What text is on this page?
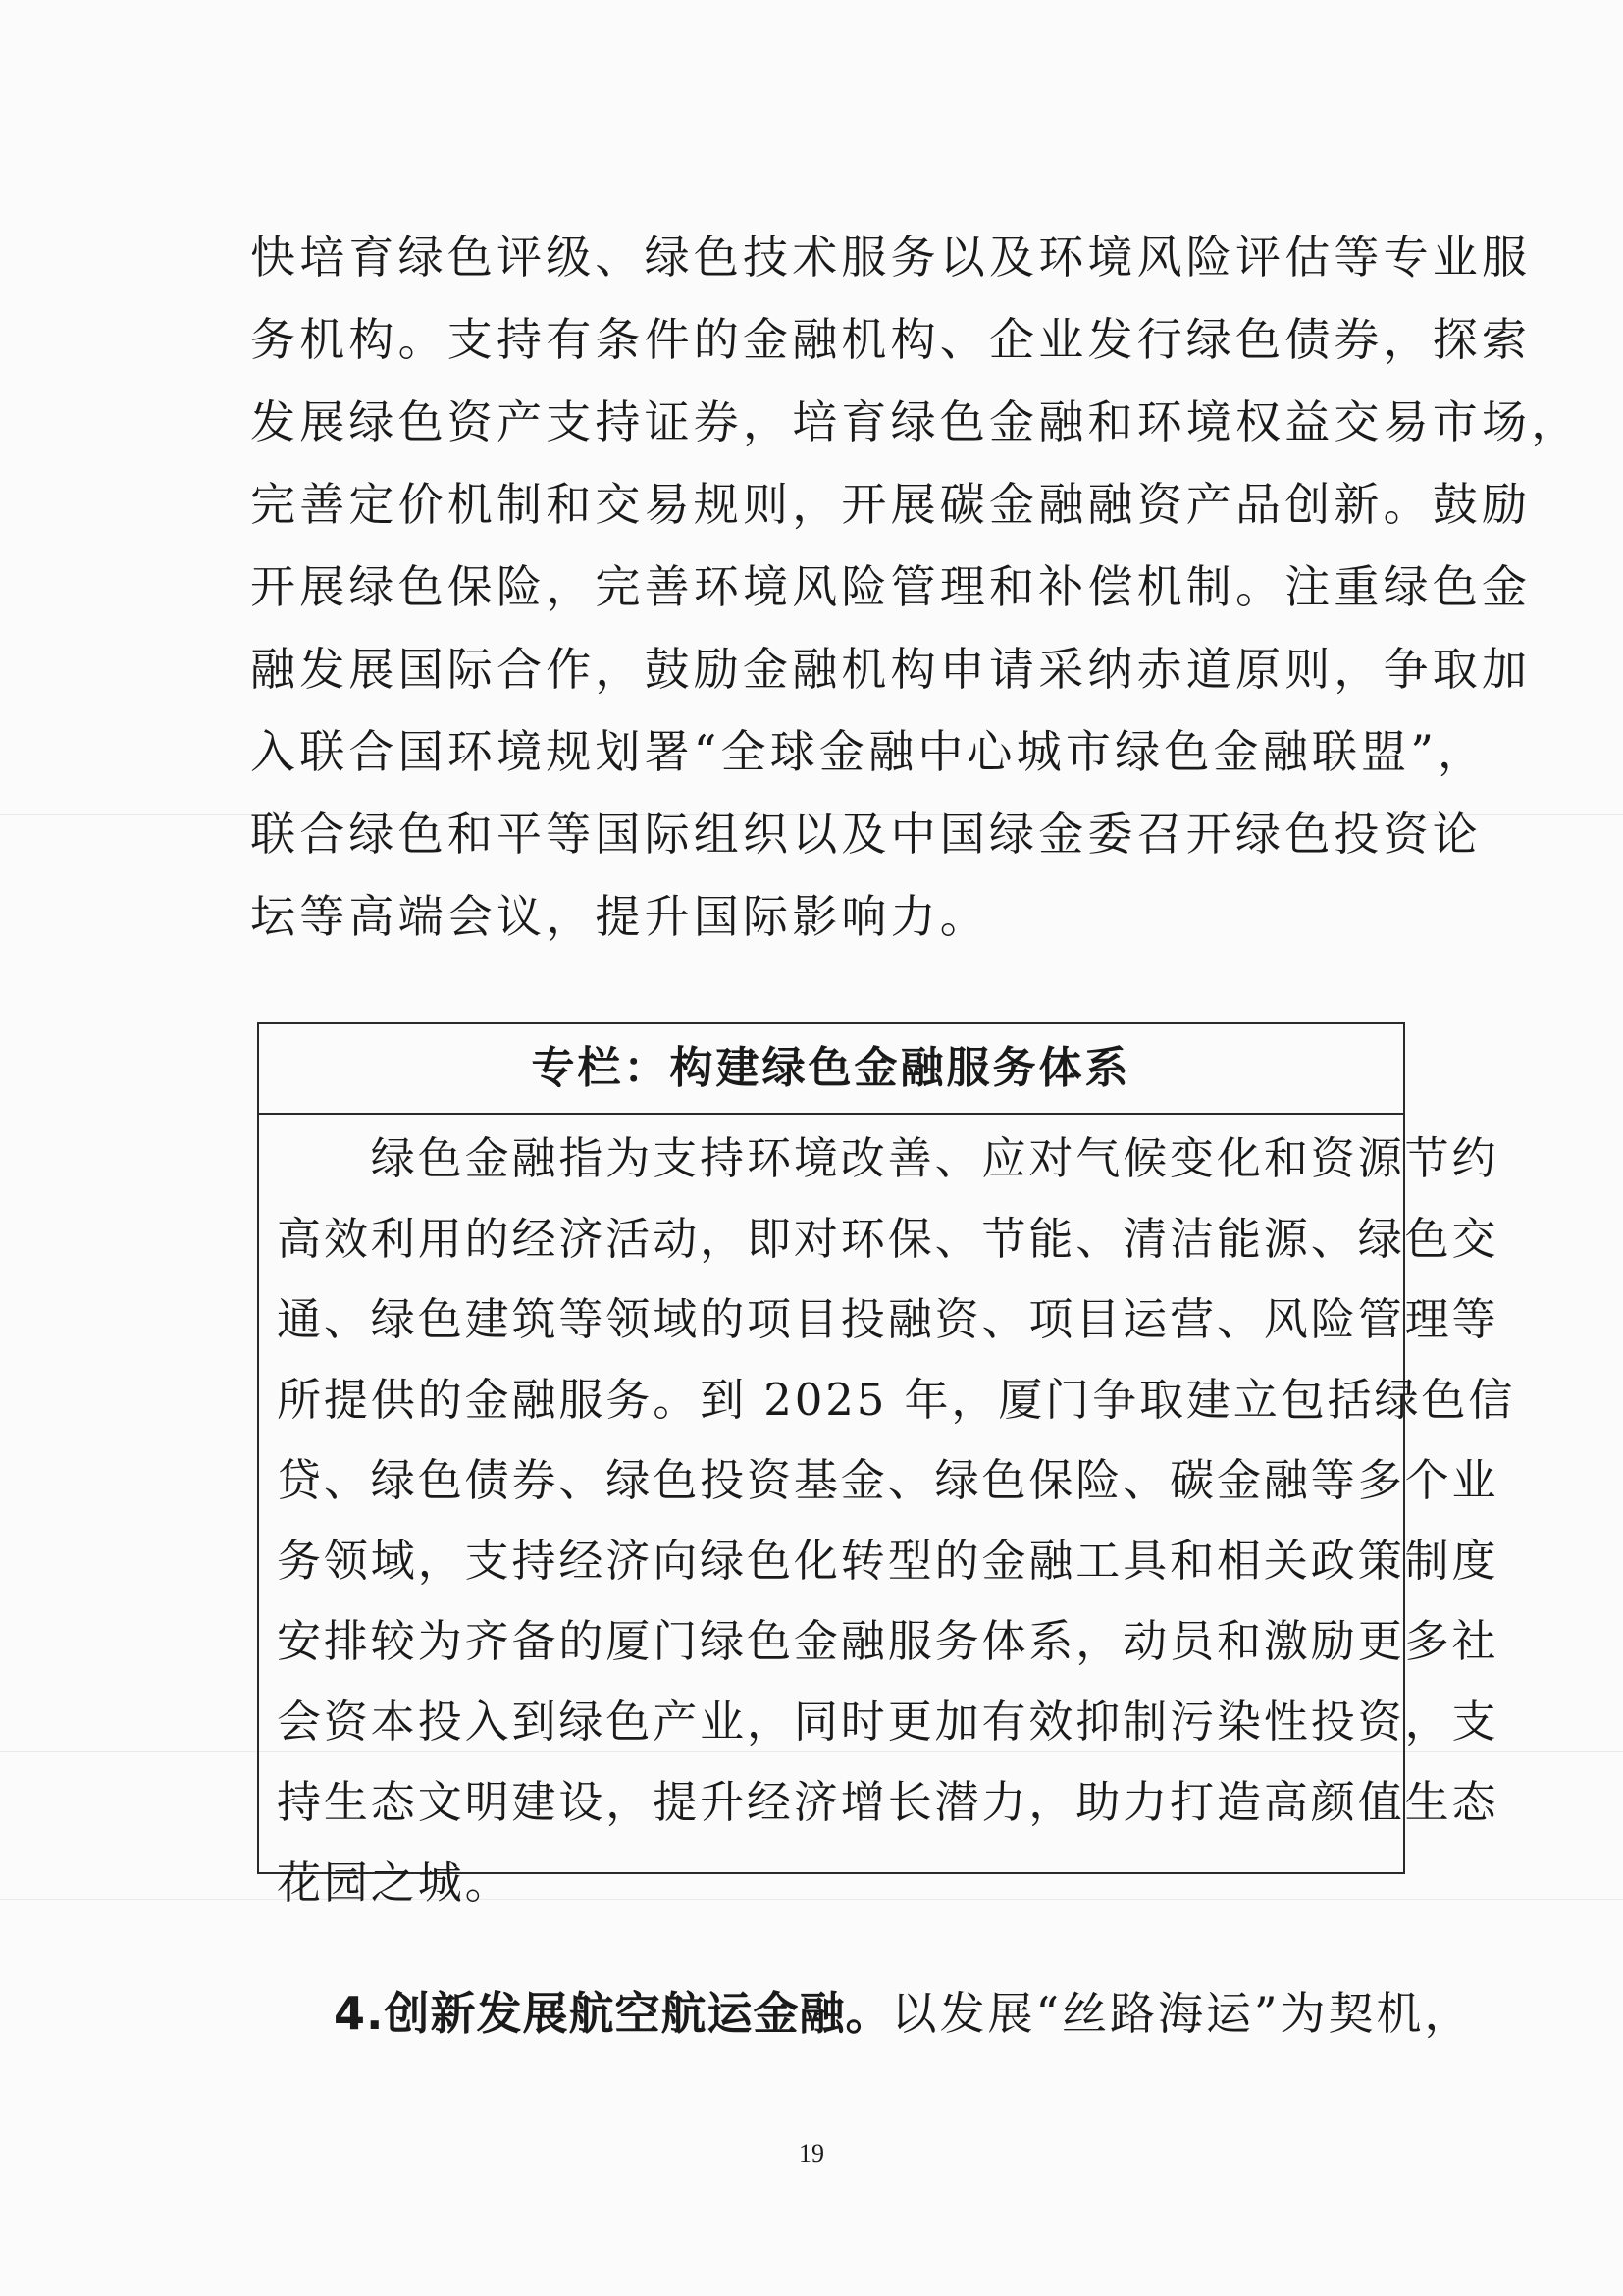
快培育绿色评级、绿色技术服务以及环境风险评估等专业服
务机构。支持有条件的金融机构、企业发行绿色债券，探索
发展绿色资产支持证券，培育绿色金融和环境权益交易市场，
完善定价机制和交易规则，开展碳金融融资产品创新。鼓励
开展绿色保险，完善环境风险管理和补偿机制。注重绿色金
融发展国际合作，鼓励金融机构申请采纳赤道原则，争取加
入联合国环境规划署“全球金融中心城市绿色金融联盟”，
联合绿色和平等国际组织以及中国绿金委召开绿色投资论
坛等高端会议，提升国际影响力。
专栏：构建绿色金融服务体系
　　绿色金融指为支持环境改善、应对气候变化和资源节约
高效利用的经济活动，即对环保、节能、清洁能源、绿色交
通、绿色建筑等领域的项目投融资、项目运营、风险管理等
所提供的金融服务。到 2025 年，厦门争取建立包括绿色信
贷、绿色债券、绿色投资基金、绿色保险、碳金融等多个业
务领域，支持经济向绿色化转型的金融工具和相关政策制度
安排较为齐备的厦门绿色金融服务体系，动员和激励更多社
会资本投入到绿色产业，同时更加有效抑制污染性投资，支
持生态文明建设，提升经济增长潜力，助力打造高颜值生态
花园之城。
4.创新发展航空航运金融。以发展“丝路海运”为契机，
19
